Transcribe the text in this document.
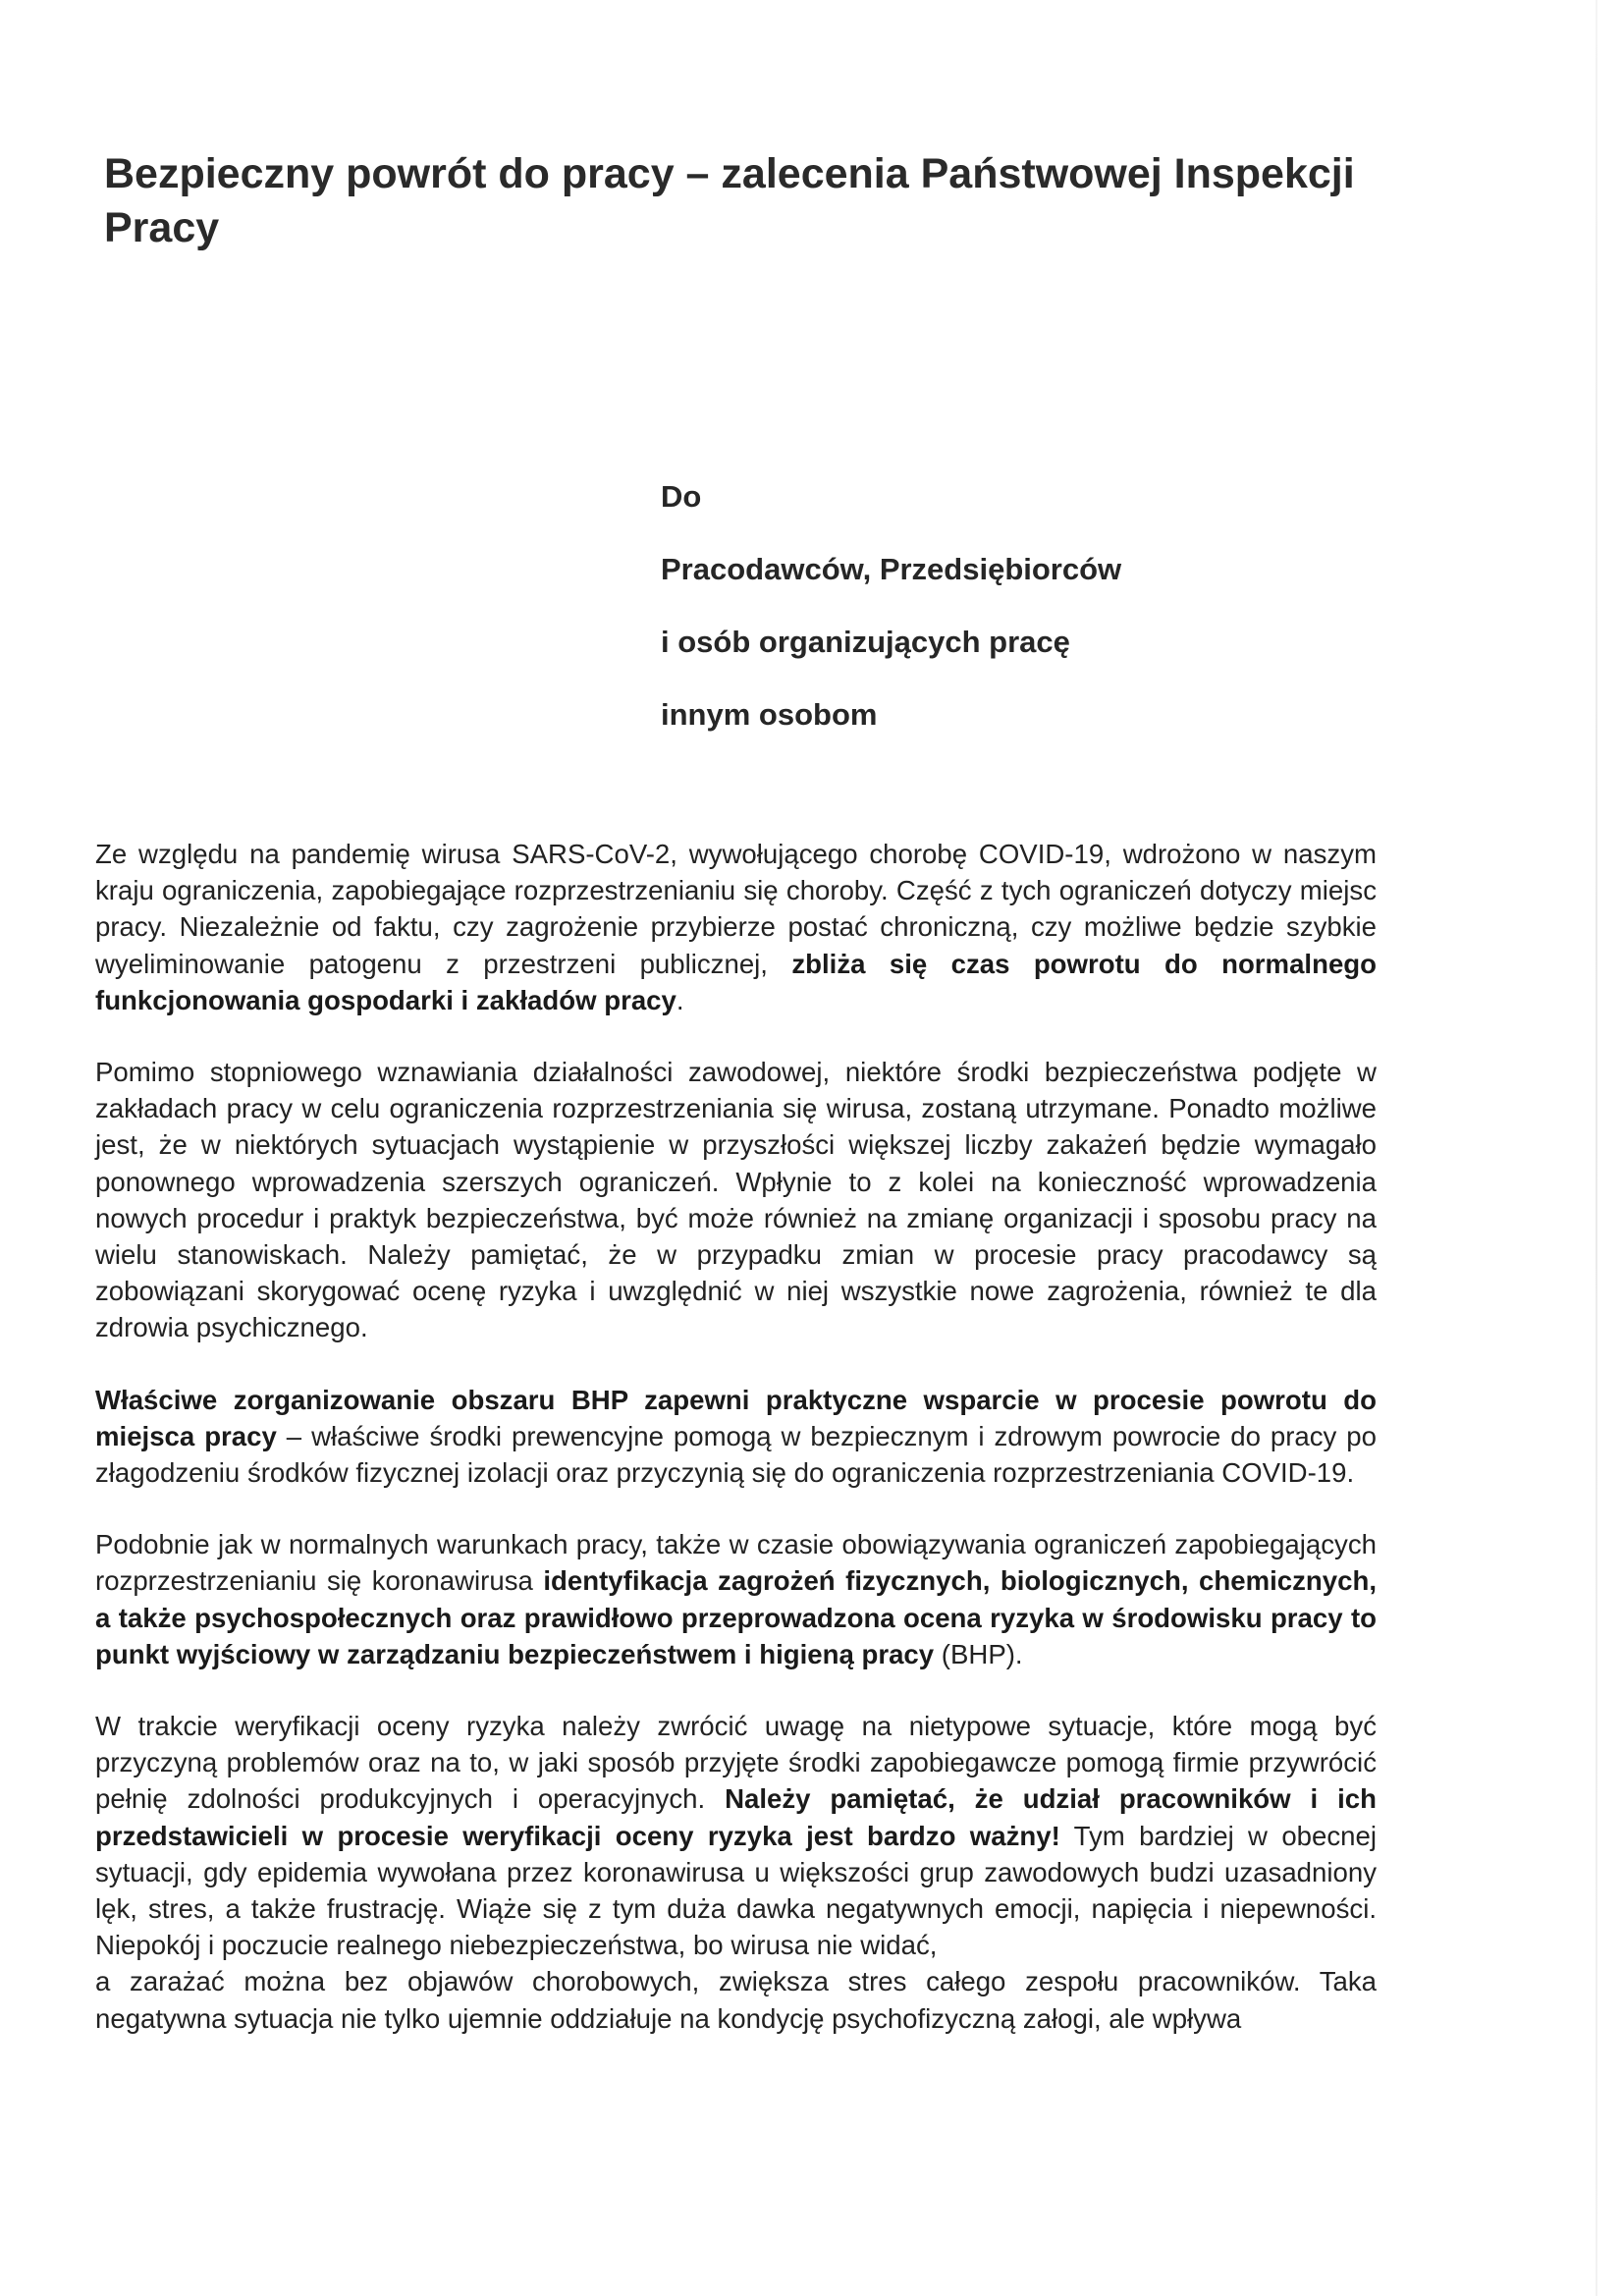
Bezpieczny powrót do pracy – zalecenia Państwowej Inspekcji Pracy

Do

Pracodawców, Przedsiębiorców

i osób organizujących pracę

innym osobom

Ze względu na pandemię wirusa SARS-CoV-2, wywołującego chorobę COVID-19, wdrożono w naszym kraju ograniczenia, zapobiegające rozprzestrzenianiu się choroby. Część z tych ograniczeń dotyczy miejsc pracy. Niezależnie od faktu, czy zagrożenie przybierze postać chroniczną, czy możliwe będzie szybkie wyeliminowanie patogenu z przestrzeni publicznej, zbliża się czas powrotu do normalnego funkcjonowania gospodarki i zakładów pracy.

Pomimo stopniowego wznawiania działalności zawodowej, niektóre środki bezpieczeństwa podjęte w zakładach pracy w celu ograniczenia rozprzestrzeniania się wirusa, zostaną utrzymane. Ponadto możliwe jest, że w niektórych sytuacjach wystąpienie w przyszłości większej liczby zakażeń będzie wymagało ponownego wprowadzenia szerszych ograniczeń. Wpłynie to z kolei na konieczność wprowadzenia nowych procedur i praktyk bezpieczeństwa, być może również na zmianę organizacji i sposobu pracy na wielu stanowiskach. Należy pamiętać, że w przypadku zmian w procesie pracy pracodawcy są zobowiązani skorygować ocenę ryzyka i uwzględnić w niej wszystkie nowe zagrożenia, również te dla zdrowia psychicznego.

Właściwe zorganizowanie obszaru BHP zapewni praktyczne wsparcie w procesie powrotu do miejsca pracy – właściwe środki prewencyjne pomogą w bezpiecznym i zdrowym powrocie do pracy po złagodzeniu środków fizycznej izolacji oraz przyczynią się do ograniczenia rozprzestrzeniania COVID-19.

Podobnie jak w normalnych warunkach pracy, także w czasie obowiązywania ograniczeń zapobiegających rozprzestrzenianiu się koronawirusa identyfikacja zagrożeń fizycznych, biologicznych, chemicznych, a także psychospołecznych oraz prawidłowo przeprowadzona ocena ryzyka w środowisku pracy to punkt wyjściowy w zarządzaniu bezpieczeństwem i higieną pracy (BHP).

W trakcie weryfikacji oceny ryzyka należy zwrócić uwagę na nietypowe sytuacje, które mogą być przyczyną problemów oraz na to, w jaki sposób przyjęte środki zapobiegawcze pomogą firmie przywrócić pełnię zdolności produkcyjnych i operacyjnych. Należy pamiętać, że udział pracowników i ich przedstawicieli w procesie weryfikacji oceny ryzyka jest bardzo ważny! Tym bardziej w obecnej sytuacji, gdy epidemia wywołana przez koronawirusa u większości grup zawodowych budzi uzasadniony lęk, stres, a także frustrację. Wiąże się z tym duża dawka negatywnych emocji, napięcia i niepewności. Niepokój i poczucie realnego niebezpieczeństwa, bo wirusa nie widać,

a zarażać można bez objawów chorobowych, zwiększa stres całego zespołu pracowników. Taka negatywna sytuacja nie tylko ujemnie oddziałuje na kondycję psychofizyczną załogi, ale wpływa
